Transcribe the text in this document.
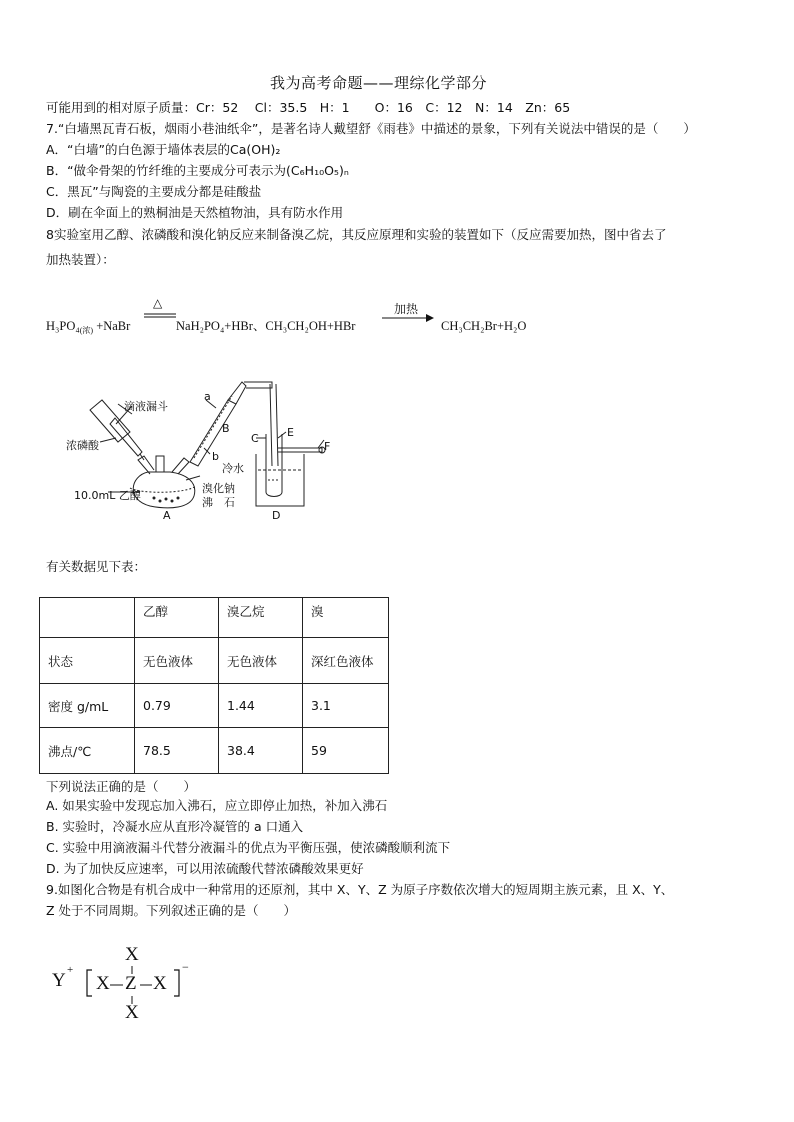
我为高考命题——理综化学部分
可能用到的相对原子质量：Cr：52　 Cl：35.5　H：1　　O：16　C：12　N：14　Zn：65
7.“白墙黑瓦青石板，烟雨小巷油纸伞”，是著名诗人戴望舒《雨巷》中描述的景象，下列有关说法中错误的是（　　）
A．“白墙”的白色源于墙体表层的Ca(OH)₂
B．“做伞骨架的竹纤维的主要成分可表示为(C₆H₁₀O₅)ₙ
C．黑瓦”与陶瓷的主要成分都是硅酸盐
D．刷在伞面上的熟桐油是天然植物油，具有防水作用
8实验室用乙醇、浓磷酸和溴化钠反应来制备溴乙烷，其反应原理和实验的装置如下（反应需要加热，图中省去了
加热装置）：
$H_3PO_4_{(浓)}$ +NaBr
△
NaH₂PO₄+HBr、CH₃CH₂OH+HBr
加热
CH₃CH₂Br+H₂O
滴液漏斗
浓磷酸
10.0mL 乙醇
溴化钠
沸　石
冷水
a
b
A
B
C
D
E
F
有关数据见下表：
	乙醇	溴乙烷	溴
状态	无色液体	无色液体	深红色液体
密度 g/mL	0.79	1.44	3.1
沸点/℃	78.5	38.4	59
下列说法正确的是（　　）
A. 如果实验中发现忘加入沸石，应立即停止加热，补加入沸石
B. 实验时，冷凝水应从直形冷凝管的 a 口通入
C. 实验中用滴液漏斗代替分液漏斗的优点为平衡压强，使浓磷酸顺利流下
D. 为了加快反应速率，可以用浓硫酸代替浓磷酸效果更好
9.如图化合物是有机合成中一种常用的还原剂，其中 X、Y、Z 为原子序数依次增大的短周期主族元素，且 X、Y、
Z 处于不同周期。下列叙述正确的是（　　）
Y +
X Z X
X
X
−
